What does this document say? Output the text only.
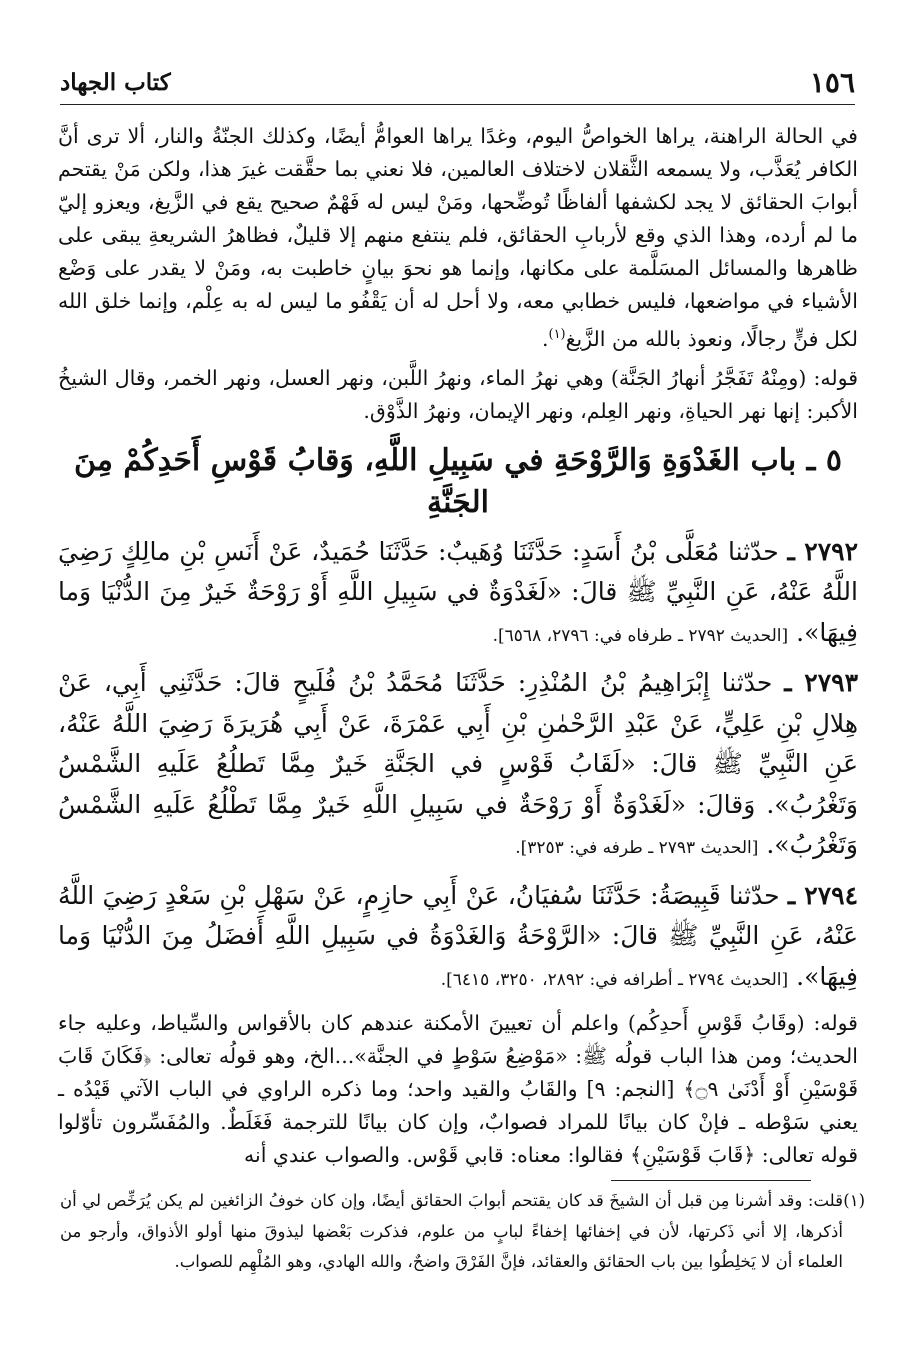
١٥٦
كتاب الجهاد

في الحالة الراهنة، يراها الخواصُّ اليوم، وغدًا يراها العوامُّ أيضًا، وكذلك الجنّةُ والنار، ألا ترى أنَّ الكافر يُعَذَّب، ولا يسمعه الثَّقلان لاختلاف العالمين، فلا نعني بما حقَّقت غيرَ هذا، ولكن مَنْ يقتحم أبوابَ الحقائق لا يجد لكشفها ألفاظًا تُوضِّحها، ومَنْ ليس له فَهْمٌ صحيح يقع في الزَّيغ، ويعزو إليّ ما لم أرده، وهذا الذي وقع لأربابِ الحقائق، فلم ينتفع منهم إلا قليلٌ، فظاهرُ الشريعةِ يبقى على ظاهرها والمسائل المسَلَّمة على مكانها، وإنما هو نحوَ بيانٍ خاطبت به، ومَنْ لا يقدر على وَضْع الأشياء في مواضعها، فليس خطابي معه، ولا أحل له أن يَقْفُو ما ليس له به عِلْم، وإنما خلق الله لكل فنٍّ رجالًا، ونعوذ بالله من الزَّيغ$^{(١)}$.

قوله: (ومِنْهُ تَفَجَّرُ أنهارُ الجَنَّة) وهي نهرُ الماء، ونهرُ اللَّبن، ونهر العسل، ونهر الخمر، وقال الشيخُ الأكبر: إنها نهر الحياةِ، ونهر العِلم، ونهر الإيمان، ونهرُ الذَّوْق.

٥ ـ باب الغَدْوَةِ وَالرَّوْحَةِ في سَبِيلِ اللَّهِ، وَقابُ قَوْسِ أَحَدِكُمْ مِنَ الجَنَّةِ

٢٧٩٢ ـ حدّثنا مُعَلَّى بْنُ أَسَدٍ: حَدَّثَنَا وُهَيبٌ: حَدَّثَنَا حُمَيدٌ، عَنْ أَنَسِ بْنِ مالِكٍ رَضِيَ اللَّهُ عَنْهُ، عَنِ النَّبِيِّ ﷺ قالَ: «لَغَدْوَةٌ في سَبِيلِ اللَّهِ أَوْ رَوْحَةٌ خَيرٌ مِنَ الدُّنْيَا وَما فِيهَا». [الحديث ٢٧٩٢ ـ طرفاه في: ٢٧٩٦، ٦٥٦٨].

٢٧٩٣ ـ حدّثنا إِبْرَاهِيمُ بْنُ المُنْذِرِ: حَدَّثَنَا مُحَمَّدُ بْنُ فُلَيحٍ قالَ: حَدَّثَنِي أَبِي، عَنْ هِلالِ بْنِ عَلِيٍّ، عَنْ عَبْدِ الرَّحْمٰنِ بْنِ أَبِي عَمْرَةَ، عَنْ أَبِي هُرَيرَةَ رَضِيَ اللَّهُ عَنْهُ، عَنِ النَّبِيِّ ﷺ قالَ: «لَقَابُ قَوْسٍ في الجَنَّةِ خَيرٌ مِمَّا تَطلُعُ عَلَيهِ الشَّمْسُ وَتَغْرُبُ». وَقالَ: «لَغَدْوَةٌ أَوْ رَوْحَةٌ في سَبِيلِ اللَّهِ خَيرٌ مِمَّا تَطْلُعُ عَلَيهِ الشَّمْسُ وَتَغْرُبُ». [الحديث ٢٧٩٣ ـ طرفه في: ٣٢٥٣].

٢٧٩٤ ـ حدّثنا قَبِيصَةُ: حَدَّثَنَا سُفيَانُ، عَنْ أَبِي حازِمٍ، عَنْ سَهْلِ بْنِ سَعْدٍ رَضِيَ اللَّهُ عَنْهُ، عَنِ النَّبِيِّ ﷺ قالَ: «الرَّوْحَةُ وَالغَدْوَةُ في سَبِيلِ اللَّهِ أَفضَلُ مِنَ الدُّنْيَا وَما فِيهَا». [الحديث ٢٧٩٤ ـ أطرافه في: ٢٨٩٢، ٣٢٥٠، ٦٤١٥].

قوله: (وقَابُ قَوْسِ أَحدِكُم) واعلم أن تعيينَ الأمكنة عندهم كان بالأقواس والسِّياط، وعليه جاء الحديث؛ ومن هذا الباب قولُه ﷺ: «مَوْضِعُ سَوْطٍ في الجنَّة»...الخ، وهو قولُه تعالى: ﴿فَكَانَ قَابَ قَوْسَيْنِ أَوْ أَدْنَىٰ ۝٩﴾ [النجم: ٩] والقَابُ والقيد واحد؛ وما ذكره الراوي في الباب الآتي قَيْدُه ـ يعني سَوْطه ـ فإنْ كان بيانًا للمراد فصوابٌ، وإن كان بيانًا للترجمة فَغَلَطٌ. والمُفَسِّرون تأوّلوا قوله تعالى: ﴿قَابَ قَوْسَيْنِ﴾ فقالوا: معناه: قابي قَوْس. والصواب عندي أنه

(١)
قلت: وقد أشرنا مِن قبل أن الشيخَ قد كان يقتحم أبوابَ الحقائق أيضًا، وإن كان خوفُ الزائغين لم يكن يُرَخِّص لي أن أذكرها، إلا أني ذَكرتها، لأن في إخفائها إخفاءً لبابٍ من علوم، فذكرت بَعْضها ليذوقَ منها أولو الأذواق، وأرجو من العلماء أن لا يَخلِطُوا بين باب الحقائق والعقائد، فإنَّ الفَرْقَ واضحٌ، والله الهادي، وهو المُلْهِم للصواب.
